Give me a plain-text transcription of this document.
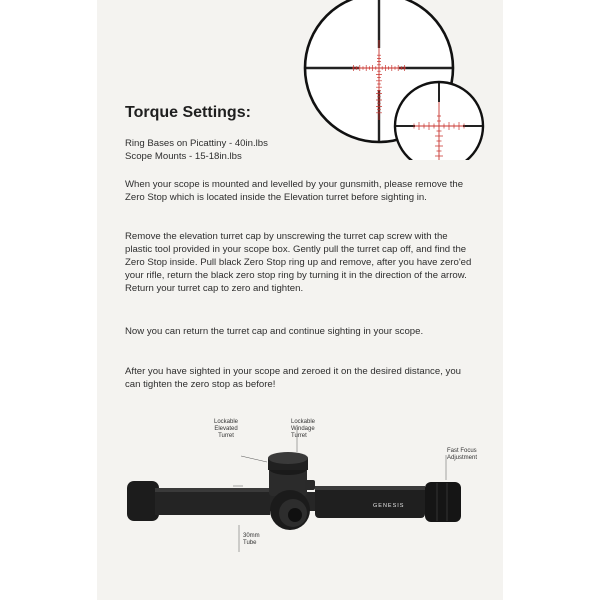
Torque Settings:
Ring Bases on Picattiny - 40in.lbs
Scope Mounts - 15-18in.lbs

When your scope is mounted and levelled by your gunsmith, please remove the Zero Stop which is located inside the Elevation turret before sighting in.

Remove the elevation turret cap by unscrewing the turret cap screw with the plastic tool provided in your scope box. Gently pull the turret cap off, and find the Zero Stop inside. Pull black Zero Stop ring up and remove, after you have zero'ed your rifle, return the black zero stop ring by turning it in the direction of the arrow. Return your turret cap to zero and tighten.

Now you can return the turret cap and continue sighting in your scope.

After you have sighted in your scope and zeroed it on the desired distance, you can tighten the zero stop as before!

GENESIS
Lockable
Elevated
Turret
Lockable
Windage
Turret
Fast Focus
Adjustment
30mm
Tube
